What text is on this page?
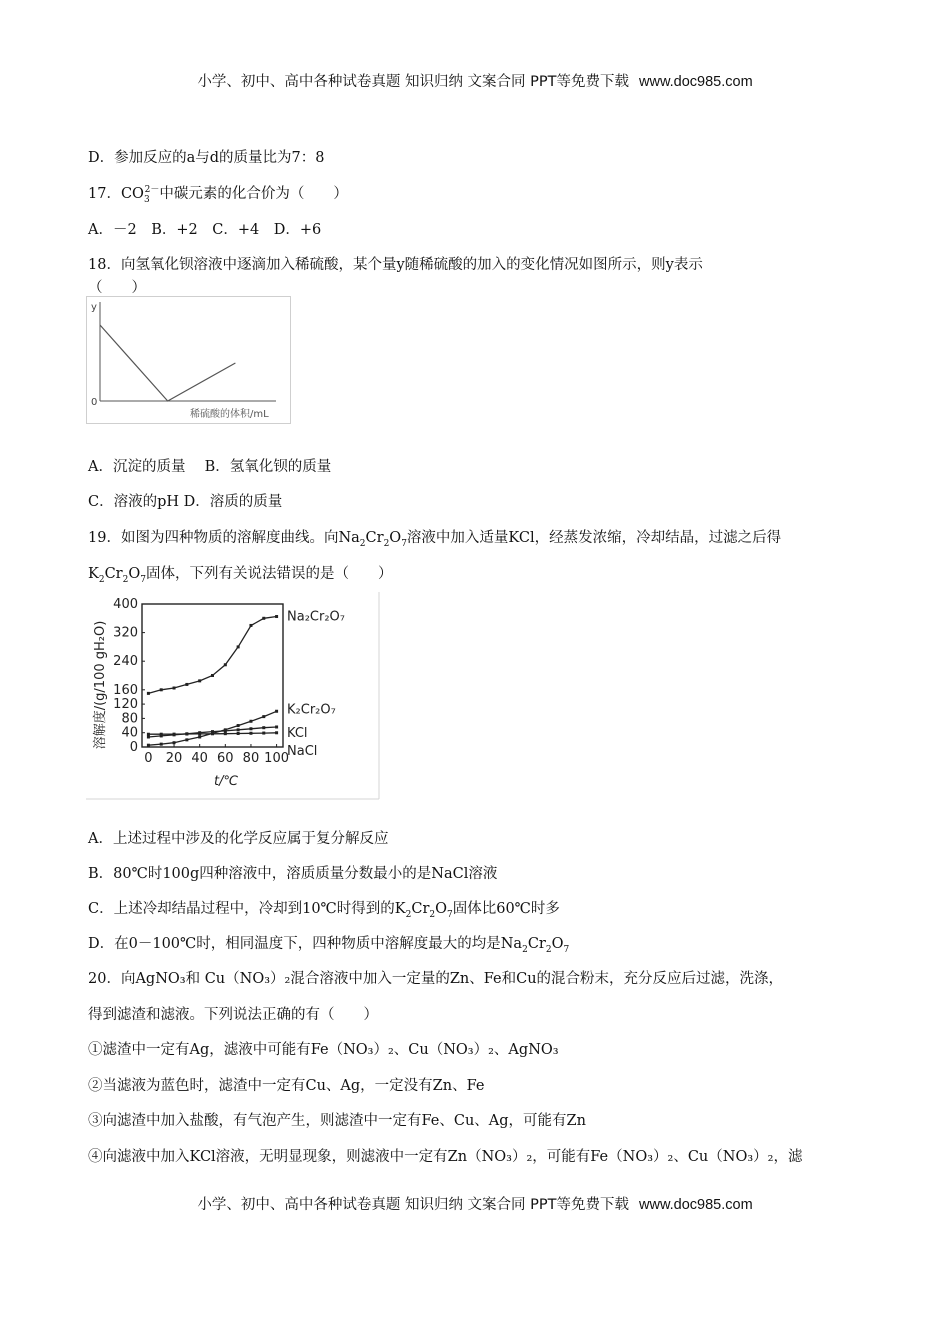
小学、初中、高中各种试卷真题 知识归纳 文案合同 PPT等免费下载 www.doc985.com
D．参加反应的a与d的质量比为7：8
17．$CO_3^{2-}$中碳元素的化合价为（　　）
A．－2　B．+2　C．+4　D．+6
18．向氢氧化钡溶液中逐滴加入稀硫酸，某个量y随稀硫酸的加入的变化情况如图所示，则y表示
（　　）
y
0
稀硫酸的体积/mL
A．沉淀的质量　 B．氢氧化钡的质量
C．溶液的pH D．溶质的质量
19．如图为四种物质的溶解度曲线。向$Na_2Cr_2O_7$溶液中加入适量KCl，经蒸发浓缩，冷却结晶，过滤之后得
$K_2Cr_2O_7$固体，下列有关说法错误的是（　　）
0 20 40 60 80 100
0
40
80
120
160
240
320
400
溶解度/(g/100 gH₂O)
t/℃
Na₂Cr₂O₇
K₂Cr₂O₇
KCl
NaCl
A．上述过程中涉及的化学反应属于复分解反应
B．80℃时100g四种溶液中，溶质质量分数最小的是NaCl溶液
C．上述冷却结晶过程中，冷却到10℃时得到的$K_2Cr_2O_7$固体比60℃时多
D．在0－100℃时，相同温度下，四种物质中溶解度最大的均是$Na_2Cr_2O_7$
20．向AgNO₃和 Cu（NO₃）₂混合溶液中加入一定量的Zn、Fe和Cu的混合粉末，充分反应后过滤，洗涤，
得到滤渣和滤液。下列说法正确的有（　　）
①滤渣中一定有Ag，滤液中可能有Fe（NO₃）₂、Cu（NO₃）₂、AgNO₃
②当滤液为蓝色时，滤渣中一定有Cu、Ag，一定没有Zn、Fe
③向滤渣中加入盐酸，有气泡产生，则滤渣中一定有Fe、Cu、Ag，可能有Zn
④向滤液中加入KCl溶液，无明显现象，则滤液中一定有Zn（NO₃）₂，可能有Fe（NO₃）₂、Cu（NO₃）₂，滤
小学、初中、高中各种试卷真题 知识归纳 文案合同 PPT等免费下载 www.doc985.com
